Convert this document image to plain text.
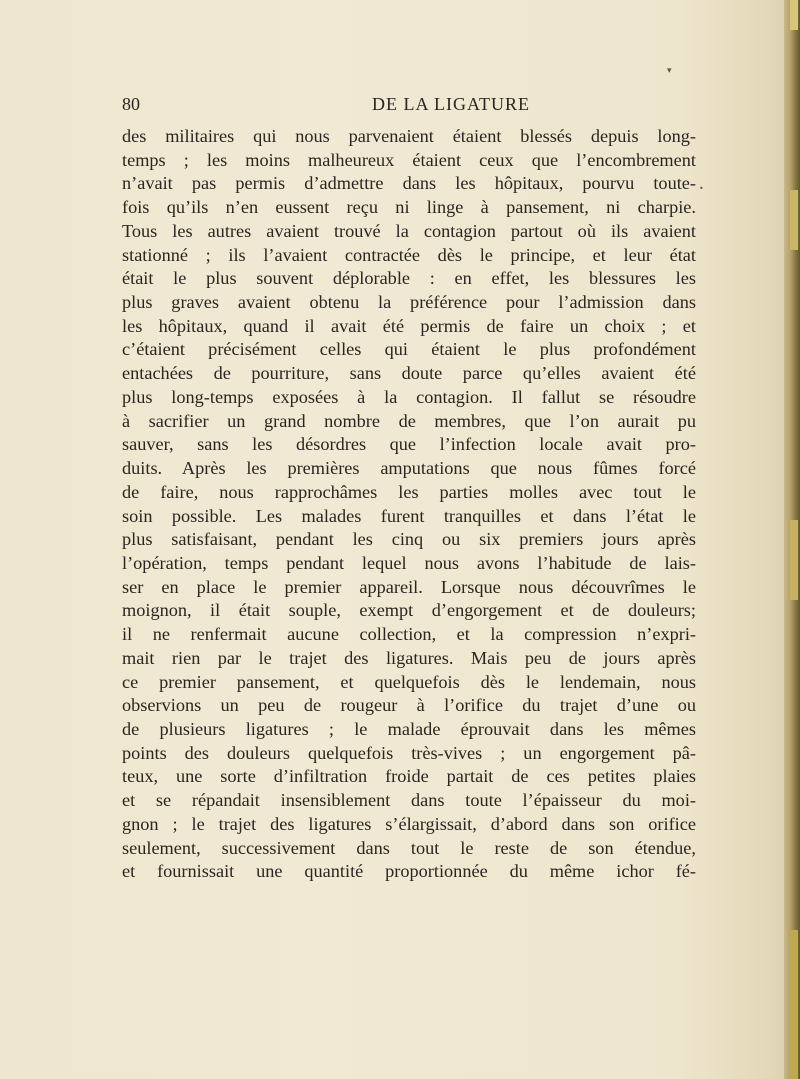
▾
•
80	DE LA LIGATURE
des militaires qui nous parvenaient étaient blessés depuis long-
temps ; les moins malheureux étaient ceux que l’encombrement
n’avait pas permis d’admettre dans les hôpitaux, pourvu toute-
fois qu’ils n’en eussent reçu ni linge à pansement, ni charpie.
Tous les autres avaient trouvé la contagion partout où ils avaient
stationné ; ils l’avaient contractée dès le principe, et leur état
était le plus souvent déplorable : en effet, les blessures les
plus graves avaient obtenu la préférence pour l’admission dans
les hôpitaux, quand il avait été permis de faire un choix ; et
c’étaient précisément celles qui étaient le plus profondément
entachées de pourriture, sans doute parce qu’elles avaient été
plus long-temps exposées à la contagion. Il fallut se résoudre
à sacrifier un grand nombre de membres, que l’on aurait pu
sauver, sans les désordres que l’infection locale avait pro-
duits. Après les premières amputations que nous fûmes forcé
de faire, nous rapprochâmes les parties molles avec tout le
soin possible. Les malades furent tranquilles et dans l’état le
plus satisfaisant, pendant les cinq ou six premiers jours après
l’opération, temps pendant lequel nous avons l’habitude de lais-
ser en place le premier appareil. Lorsque nous découvrîmes le
moignon, il était souple, exempt d’engorgement et de douleurs;
il ne renfermait aucune collection, et la compression n’expri-
mait rien par le trajet des ligatures. Mais peu de jours après
ce premier pansement, et quelquefois dès le lendemain, nous
observions un peu de rougeur à l’orifice du trajet d’une ou
de plusieurs ligatures ; le malade éprouvait dans les mêmes
points des douleurs quelquefois très-vives ; un engorgement pâ-
teux, une sorte d’infiltration froide partait de ces petites plaies
et se répandait insensiblement dans toute l’épaisseur du moi-
gnon ; le trajet des ligatures s’élargissait, d’abord dans son orifice
seulement, successivement dans tout le reste de son étendue,
et fournissait une quantité proportionnée du même ichor fé-
